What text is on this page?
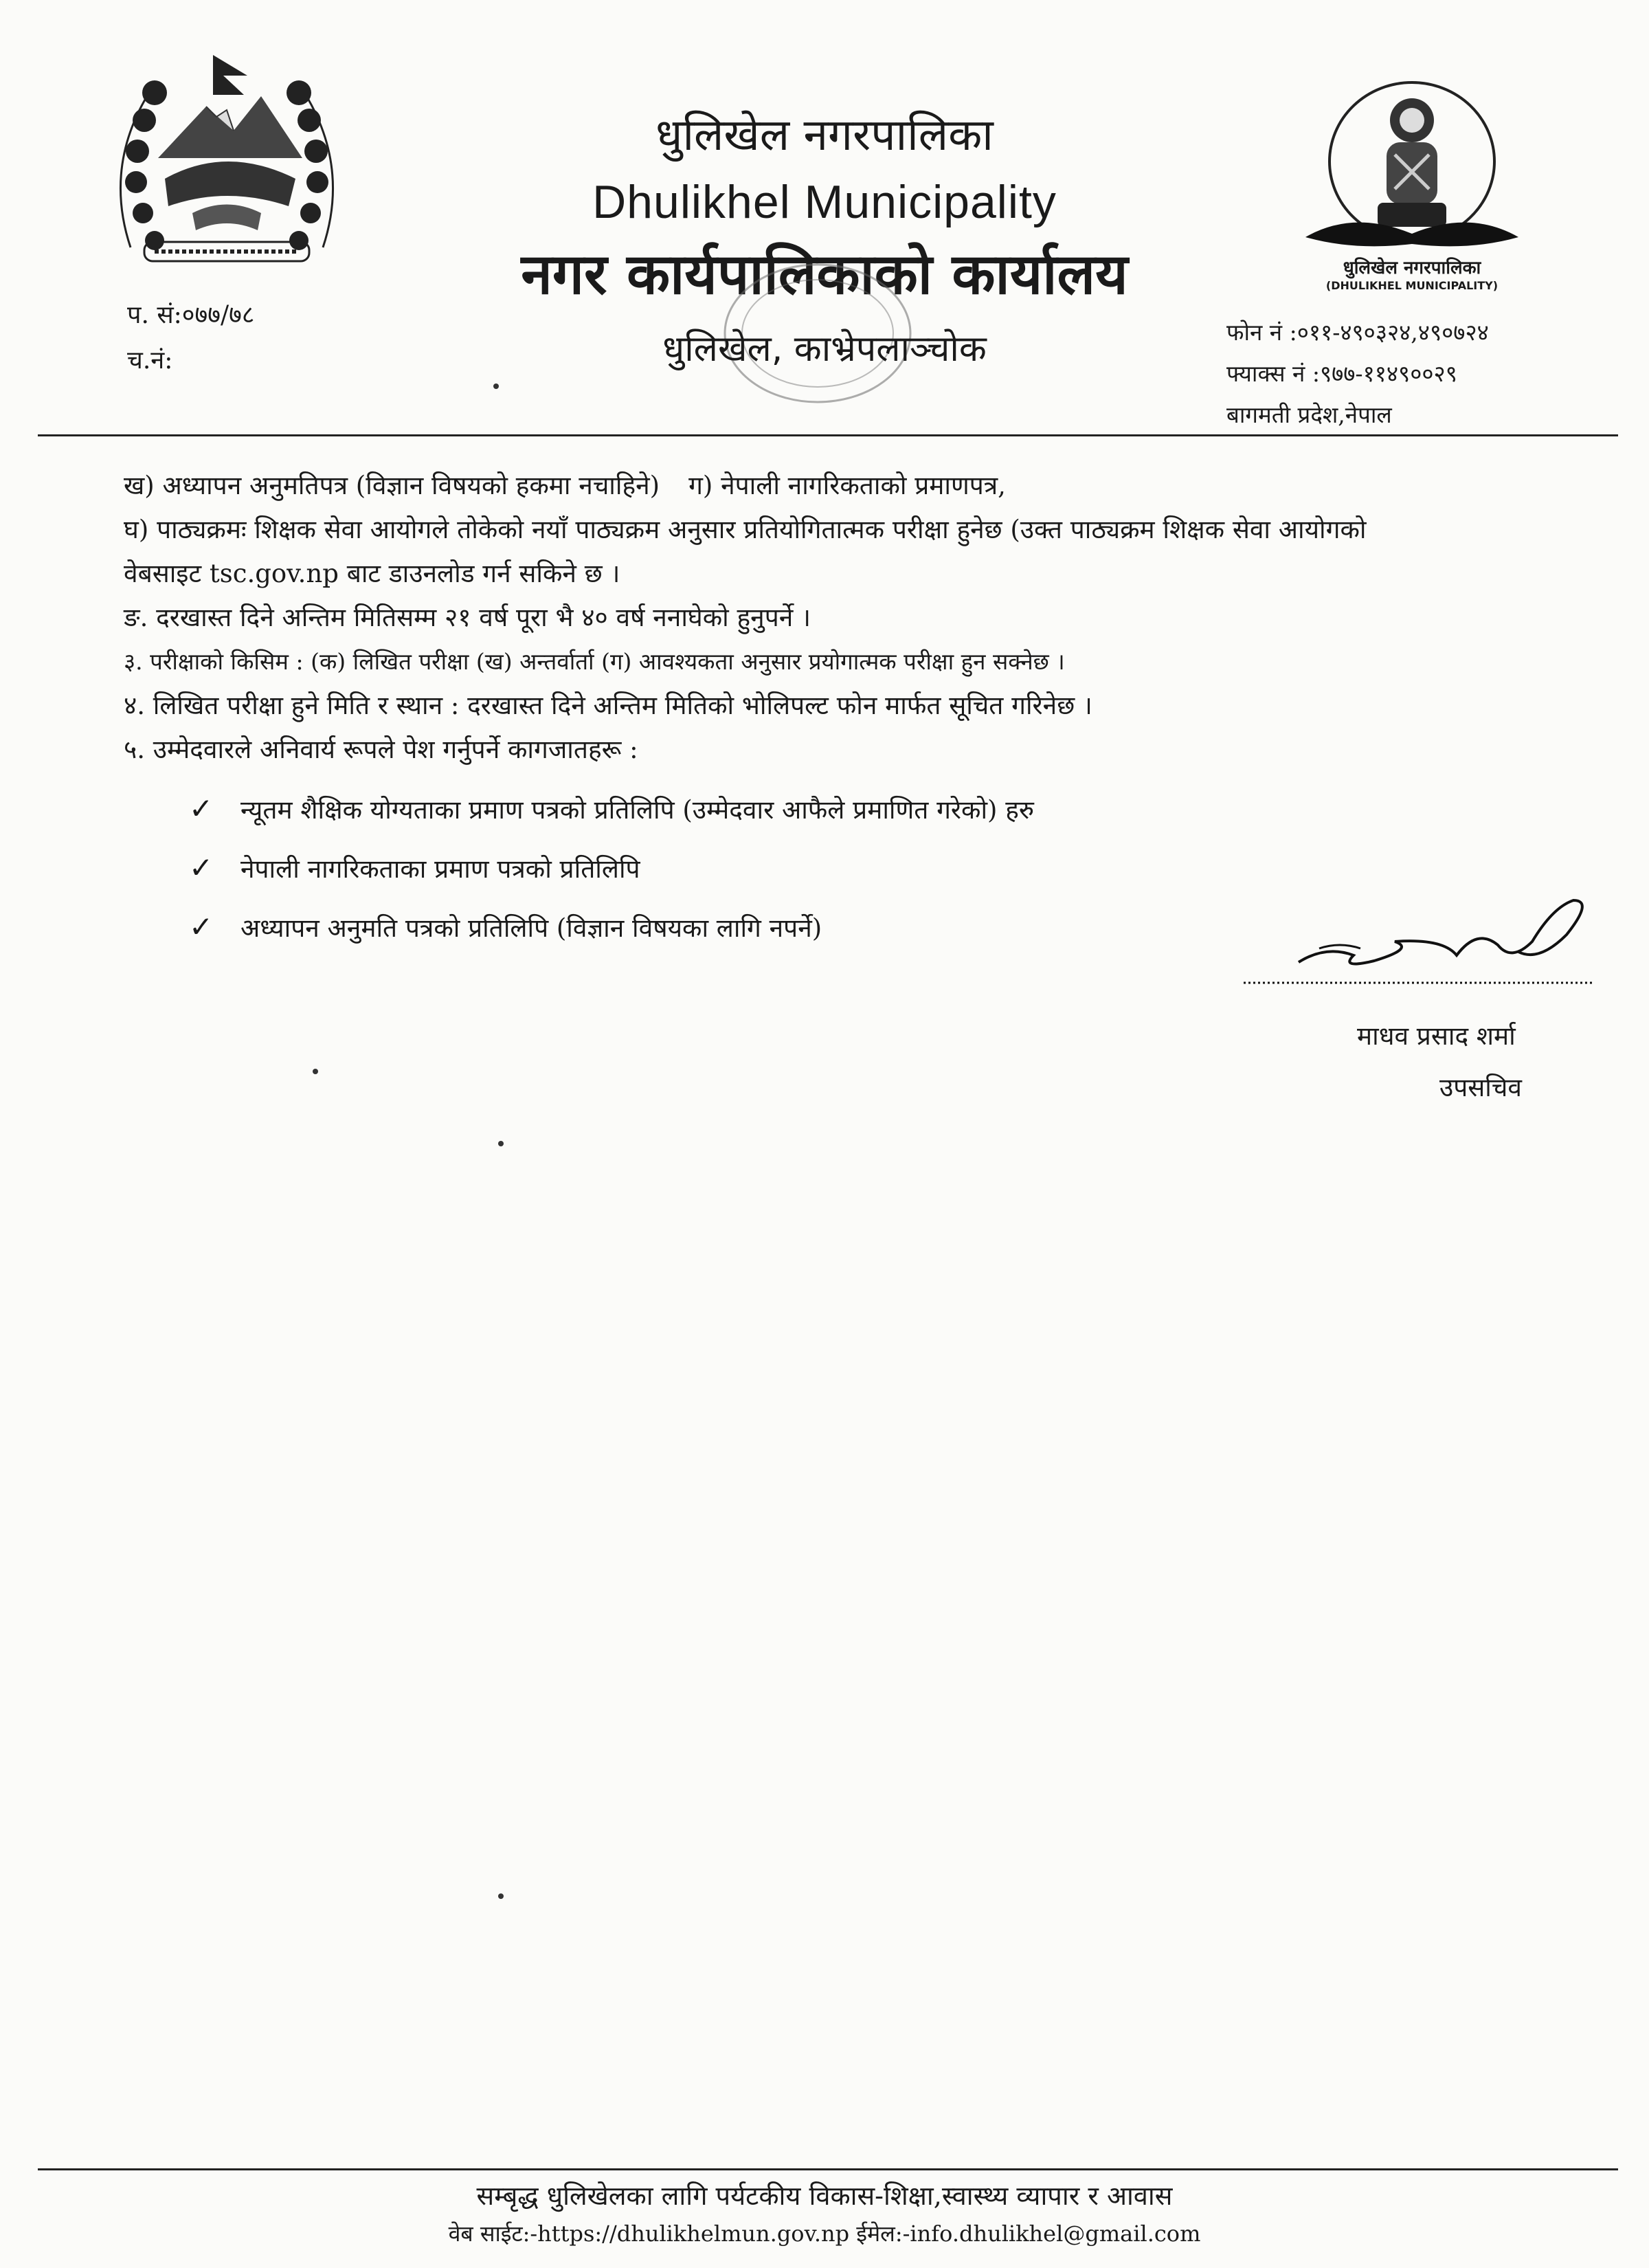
धुलिखेल नगरपालिका
(DHULIKHEL MUNICIPALITY)
धुलिखेल नगरपालिका
Dhulikhel Municipality
नगर कार्यपालिकाको कार्यालय
धुलिखेल, काभ्रेपलाञ्चोक
प. सं:०७७/७८
च.नं:
फोन नं :०११-४९०३२४,४९०७२४
फ्याक्स नं :९७७-११४९००२९
बागमती प्रदेश,नेपाल
ख) अध्यापन अनुमतिपत्र (विज्ञान विषयको हकमा नचाहिने) ग) नेपाली नागरिकताको प्रमाणपत्र,
घ) पाठ्यक्रमः शिक्षक सेवा आयोगले तोकेको नयाँ पाठ्यक्रम अनुसार प्रतियोगितात्मक परीक्षा हुनेछ (उक्त पाठ्यक्रम शिक्षक सेवा आयोगको
वेबसाइट tsc.gov.np बाट डाउनलोड गर्न सकिने छ ।
ङ. दरखास्त दिने अन्तिम मितिसम्म २१ वर्ष पूरा भै ४० वर्ष ननाघेको हुनुपर्ने ।
३. परीक्षाको किसिम : (क) लिखित परीक्षा (ख) अन्तर्वार्ता (ग) आवश्यकता अनुसार प्रयोगात्मक परीक्षा हुन सक्नेछ ।
४. लिखित परीक्षा हुने मिति र स्थान : दरखास्त दिने अन्तिम मितिको भोलिपल्ट फोन मार्फत सूचित गरिनेछ ।
५. उम्मेदवारले अनिवार्य रूपले पेश गर्नुपर्ने कागजातहरू :
✓ न्यूतम शैक्षिक योग्यताका प्रमाण पत्रको प्रतिलिपि (उम्मेदवार आफैले प्रमाणित गरेको) हरु
✓ नेपाली नागरिकताका प्रमाण पत्रको प्रतिलिपि
✓ अध्यापन अनुमति पत्रको प्रतिलिपि (विज्ञान विषयका लागि नपर्ने)
माधव प्रसाद शर्मा
उपसचिव
सम्बृद्ध धुलिखेलका लागि पर्यटकीय विकास-शिक्षा,स्वास्थ्य व्यापार र आवास
वेब साईट:-https://dhulikhelmun.gov.np ईमेल:-info.dhulikhel@gmail.com
